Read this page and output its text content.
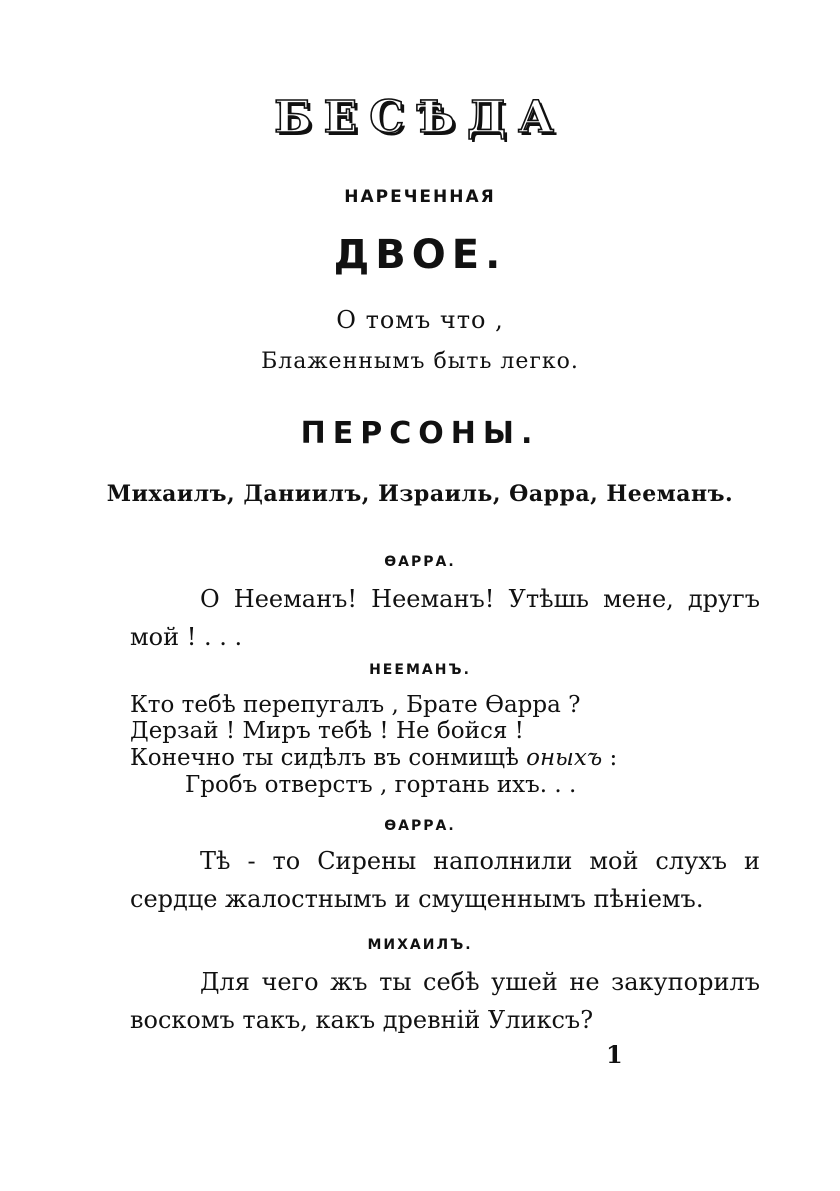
БЕСѢДА
НАРЕЧЕННАЯ
ДВОЕ.
О томъ что ,
Блаженнымъ быть легко.
ПЕРСОНЫ.
Михаилъ, Даниилъ, Израиль, Ѳарра, Нееманъ.
ѲАРРА.
О Нееманъ! Нееманъ! Утѣшь мене, другъ мой ! . . .
НЕЕМАНЪ.
Кто тебѣ перепугалъ , Брате Ѳарра ?
Дерзай ! Миръ тебѣ ! Не бойся !
Конечно ты сидѣлъ въ сонмищѣ оныхъ :
Гробъ отверстъ , гортань ихъ. . .
ѲАРРА.
Тѣ - то Сирены наполнили мой слухъ и сердце жалостнымъ и смущеннымъ пѣніемъ.
МИХАИЛЪ.
Для чего жъ ты себѣ ушей не закупорилъ воскомъ такъ, какъ древній Уликсъ?
1
